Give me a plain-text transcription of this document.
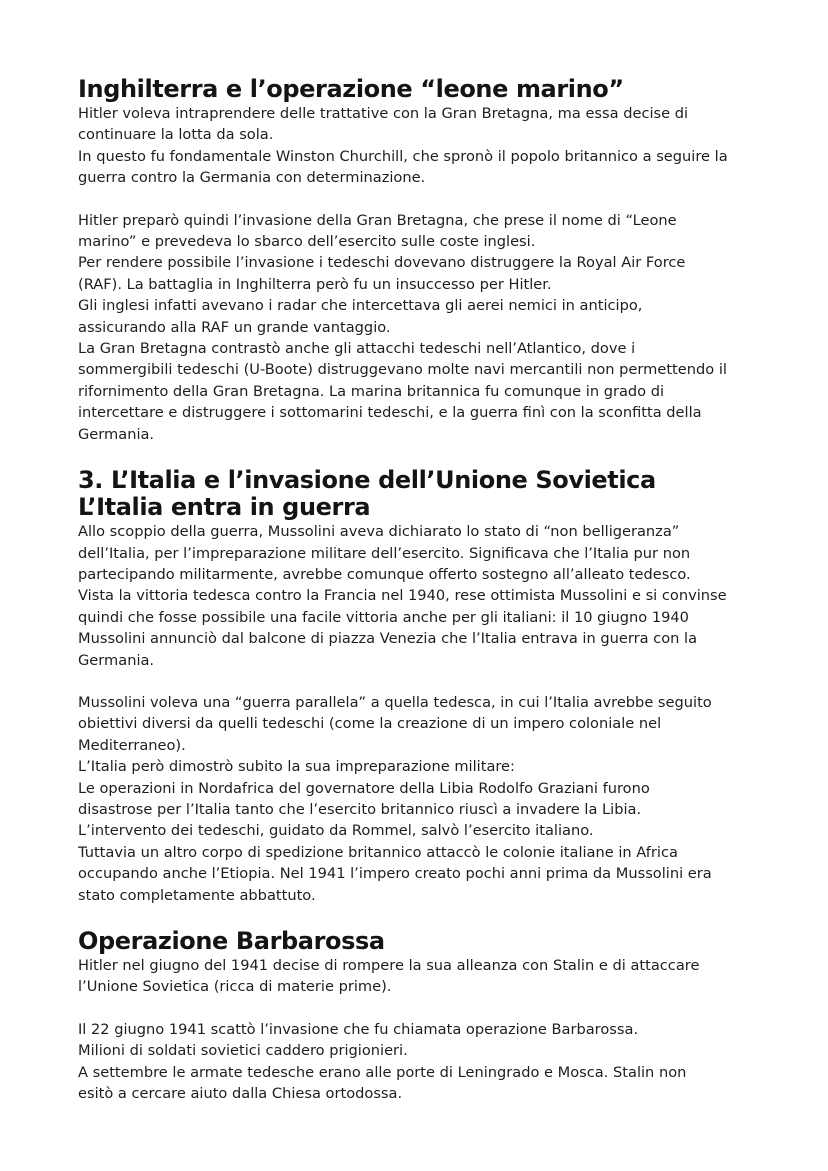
Inghilterra e l’operazione “leone marino”
Hitler voleva intraprendere delle trattative con la Gran Bretagna, ma essa decise di
continuare la lotta da sola.
In questo fu fondamentale Winston Churchill, che spronò il popolo britannico a seguire la
guerra contro la Germania con determinazione.
Hitler preparò quindi l’invasione della Gran Bretagna, che prese il nome di “Leone
marino” e prevedeva lo sbarco dell’esercito sulle coste inglesi.
Per rendere possibile l’invasione i tedeschi dovevano distruggere la Royal Air Force
(RAF). La battaglia in Inghilterra però fu un insuccesso per Hitler.
Gli inglesi infatti avevano i radar che intercettava gli aerei nemici in anticipo,
assicurando alla RAF un grande vantaggio.
La Gran Bretagna contrastò anche gli attacchi tedeschi nell’Atlantico, dove i
sommergibili tedeschi (U-Boote) distruggevano molte navi mercantili non permettendo il
rifornimento della Gran Bretagna. La marina britannica fu comunque in grado di
intercettare e distruggere i sottomarini tedeschi, e la guerra finì con la sconfitta della
Germania.
3. L’Italia e l’invasione dell’Unione Sovietica
L’Italia entra in guerra
Allo scoppio della guerra, Mussolini aveva dichiarato lo stato di “non belligeranza”
dell’Italia, per l’impreparazione militare dell’esercito. Significava che l’Italia pur non
partecipando militarmente, avrebbe comunque offerto sostegno all’alleato tedesco.
Vista la vittoria tedesca contro la Francia nel 1940, rese ottimista Mussolini e si convinse
quindi che fosse possibile una facile vittoria anche per gli italiani: il 10 giugno 1940
Mussolini annunciò dal balcone di piazza Venezia che l’Italia entrava in guerra con la
Germania.
Mussolini voleva una “guerra parallela” a quella tedesca, in cui l’Italia avrebbe seguito
obiettivi diversi da quelli tedeschi (come la creazione di un impero coloniale nel
Mediterraneo).
L’Italia però dimostrò subito la sua impreparazione militare:
Le operazioni in Nordafrica del governatore della Libia Rodolfo Graziani furono
disastrose per l’Italia tanto che l’esercito britannico riuscì a invadere la Libia.
L’intervento dei tedeschi, guidato da Rommel, salvò l’esercito italiano.
Tuttavia un altro corpo di spedizione britannico attaccò le colonie italiane in Africa
occupando anche l’Etiopia. Nel 1941 l’impero creato pochi anni prima da Mussolini era
stato completamente abbattuto.
Operazione Barbarossa
Hitler nel giugno del 1941 decise di rompere la sua alleanza con Stalin e di attaccare
l’Unione Sovietica (ricca di materie prime).
Il 22 giugno 1941 scattò l’invasione che fu chiamata operazione Barbarossa.
Milioni di soldati sovietici caddero prigionieri.
A settembre le armate tedesche erano alle porte di Leningrado e Mosca. Stalin non
esitò a cercare aiuto dalla Chiesa ortodossa.
